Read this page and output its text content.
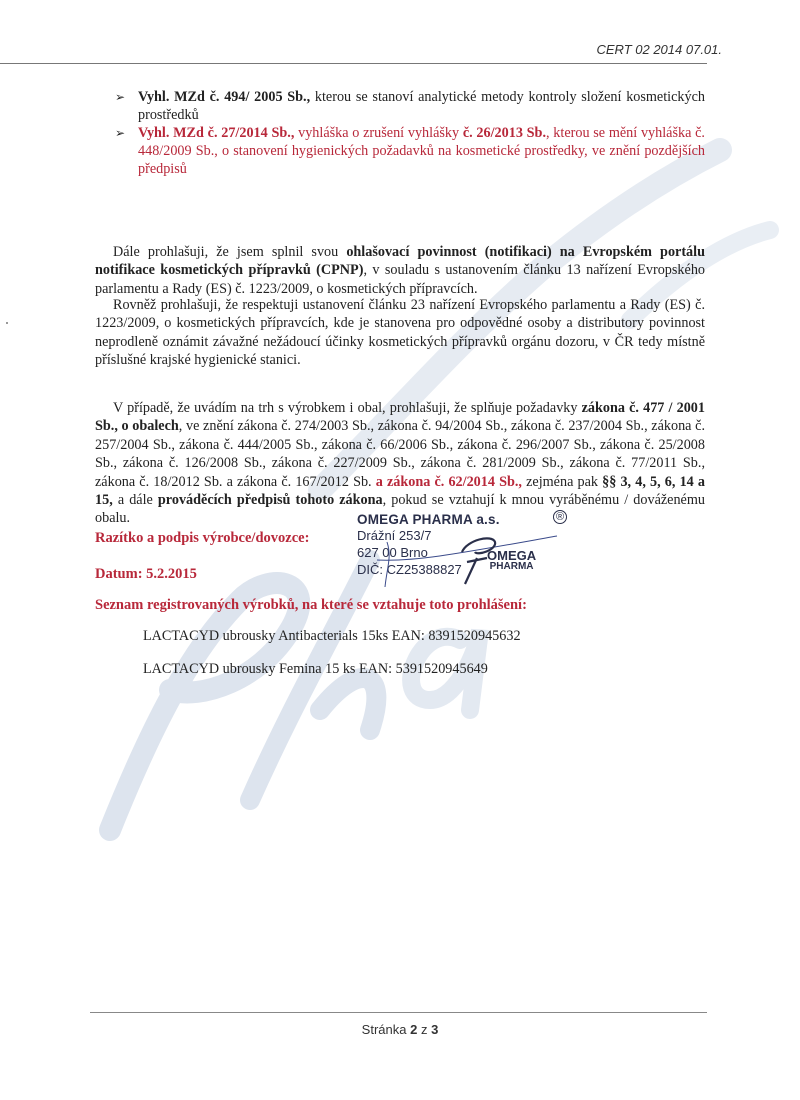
CERT 02 2014 07.01.
➢ Vyhl. MZd č. 494/ 2005 Sb., kterou se stanoví analytické metody kontroly složení kosmetických prostředků
➢ Vyhl. MZd č. 27/2014 Sb., vyhláška o zrušení vyhlášky č. 26/2013 Sb., kterou se mění vyhláška č. 448/2009 Sb., o stanovení hygienických požadavků na kosmetické prostředky, ve znění pozdějších předpisů

Dále prohlašuji, že jsem splnil svou ohlašovací povinnost (notifikaci) na Evropském portálu notifikace kosmetických přípravků (CPNP), v souladu s ustanovením článku 13 nařízení Evropského parlamentu a Rady (ES) č. 1223/2009, o kosmetických přípravcích.

Rovněž prohlašuji, že respektuji ustanovení článku 23 nařízení Evropského parlamentu a Rady (ES) č. 1223/2009, o kosmetických přípravcích, kde je stanovena pro odpovědné osoby a distributory povinnost neprodleně oznámit závažné nežádoucí účinky kosmetických přípravků orgánu dozoru, v ČR tedy místně příslušné krajské hygienické stanici.

V případě, že uvádím na trh s výrobkem i obal, prohlašuji, že splňuje požadavky zákona č. 477 / 2001 Sb., o obalech, ve znění zákona č. 274/2003 Sb., zákona č. 94/2004 Sb., zákona č. 237/2004 Sb., zákona č. 257/2004 Sb., zákona č. 444/2005 Sb., zákona č. 66/2006 Sb., zákona č. 296/2007 Sb., zákona č. 25/2008 Sb., zákona č. 126/2008 Sb., zákona č. 227/2009 Sb., zákona č. 281/2009 Sb., zákona č. 77/2011 Sb., zákona č. 18/2012 Sb. a zákona č. 167/2012 Sb. a zákona č. 62/2014 Sb., zejména pak §§ 3, 4, 5, 6, 14 a 15, a dále prováděcích předpisů tohoto zákona, pokud se vztahují k mnou vyráběnému / dováženému obalu.

Razítko a podpis výrobce/dovozce:
Datum: 5.2.2015
OMEGA PHARMA a.s.	®
Drážní 253/7
627 00 Brno
DIČ: CZ25388827
OMEGA
PHARMA
Seznam registrovaných výrobků, na které se vztahuje toto prohlášení:
LACTACYD ubrousky Antibacterials 15ks EAN: 8391520945632
LACTACYD ubrousky Femina 15 ks EAN: 5391520945649
Stránka 2 z 3
